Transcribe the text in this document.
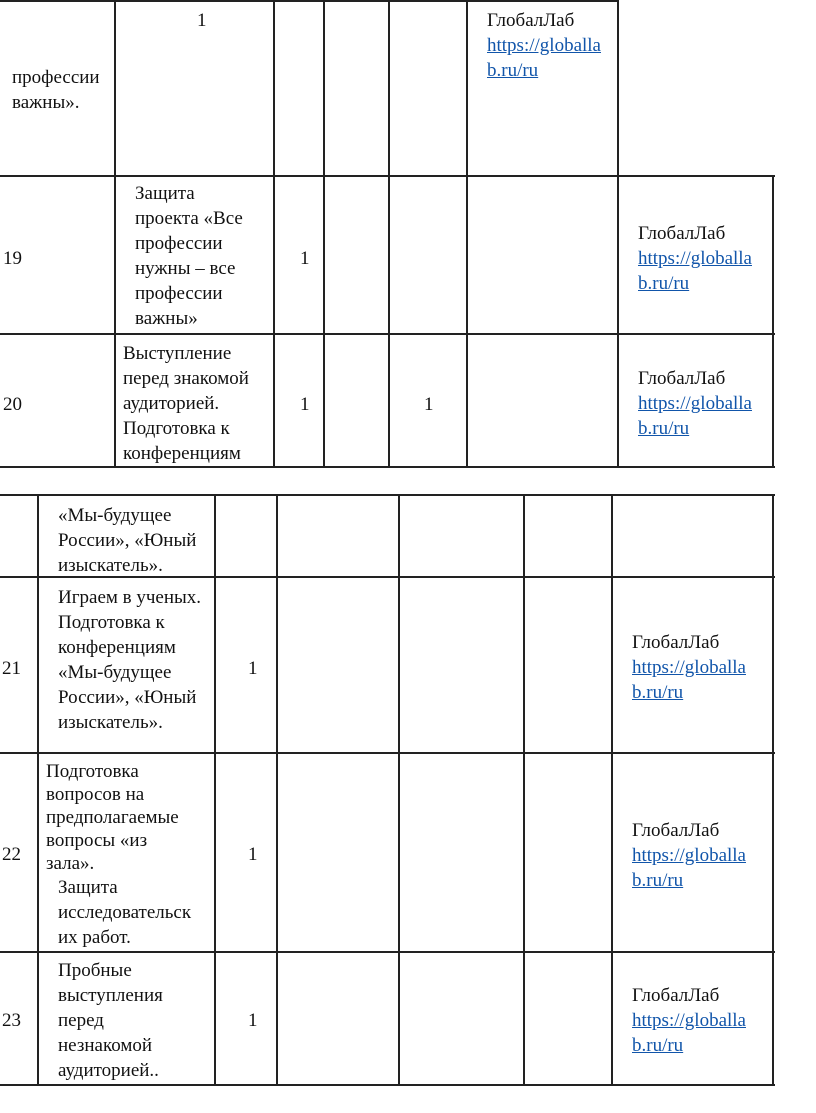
профессии
важны».
1	ГлобалЛаб
https://globalla
b.ru/ru
19
Защита
проекта «Все
профессии
нужны – все
профессии
важны»
1
ГлобалЛаб
https://globalla
b.ru/ru
20
Выступление
перед знакомой
аудиторией.
Подготовка к
конференциям
1	1
ГлобалЛаб
https://globalla
b.ru/ru
«Мы-будущее
России», «Юный
изыскатель».
21
Играем в ученых.
Подготовка к
конференциям
«Мы-будущее
России», «Юный
изыскатель».
1
ГлобалЛаб
https://globalla
b.ru/ru
22
Подготовка
вопросов на
предполагаемые
вопросы «из
зала».
Защита
исследовательск
их работ.
1
ГлобалЛаб
https://globalla
b.ru/ru
23
Пробные
выступления
перед
незнакомой
аудиторией..
1
ГлобалЛаб
https://globalla
b.ru/ru
